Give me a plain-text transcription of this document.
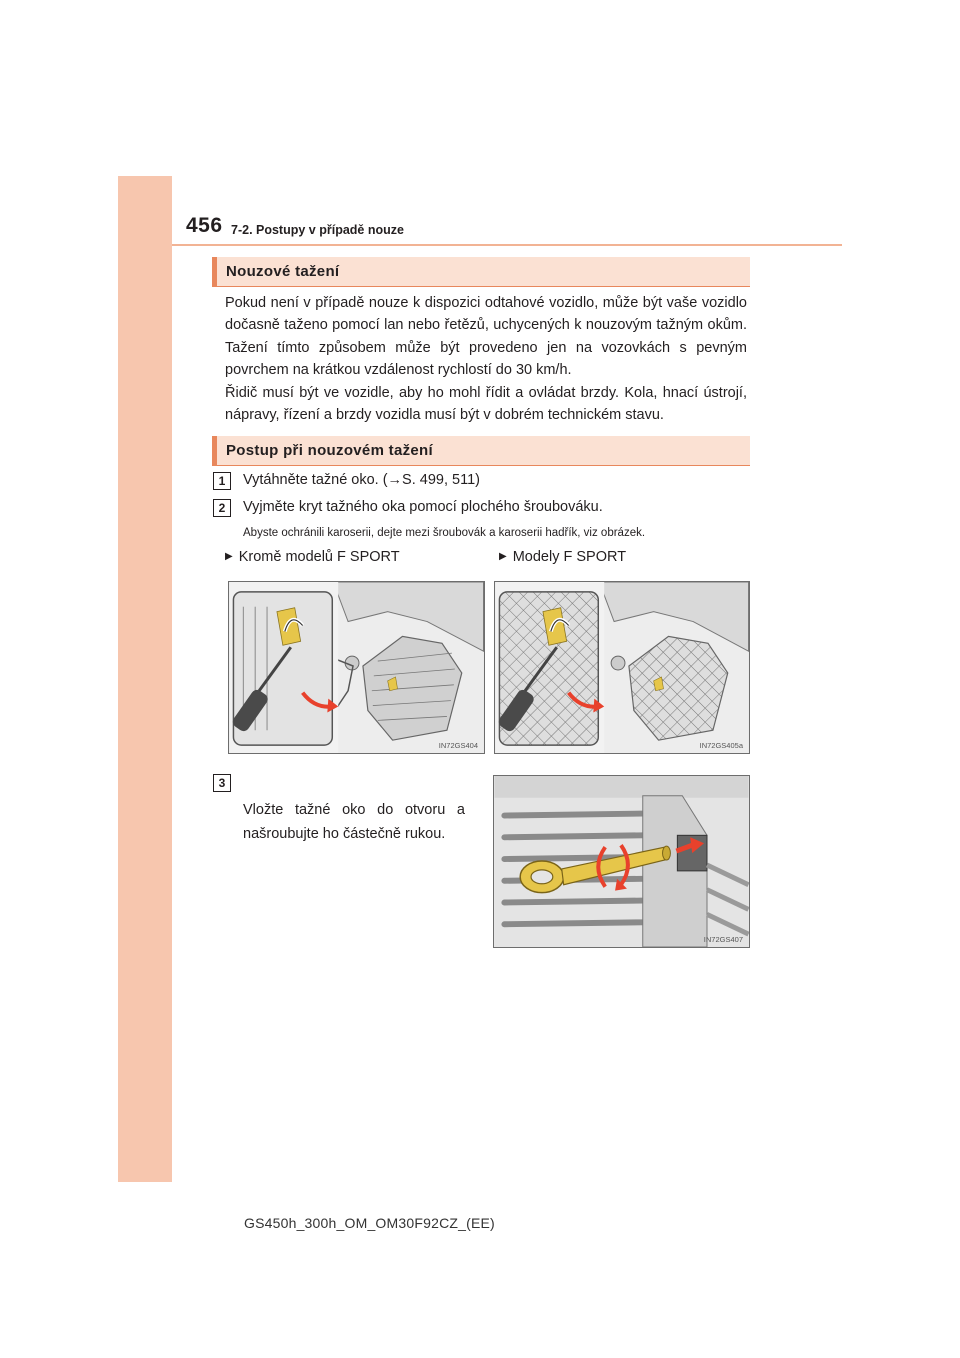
456 7-2. Postupy v případě nouze
Nouzové tažení

Pokud není v případě nouze k dispozici odtahové vozidlo, může být vaše vozidlo dočasně taženo pomocí lan nebo řetězů, uchycených k nouzovým tažným okům. Tažení tímto způsobem může být provedeno jen na vozovkách s pevným povrchem na krátkou vzdálenost rychlostí do 30 km/h.

Řidič musí být ve vozidle, aby ho mohl řídit a ovládat brzdy. Kola, hnací ústrojí, nápravy, řízení a brzdy vozidla musí být v dobrém technickém stavu.

Postup při nouzovém tažení
1	Vytáhněte tažné oko. (→S. 499, 511)
2	Vyjměte kryt tažného oka pomocí plochého šroubováku.
Abyste ochránili karoserii, dejte mezi šroubovák a karoserii hadřík, viz obrázek.
▶ Kromě modelů F SPORT	▶ Modely F SPORT
IN72GS404	IN72GS405a
3
Vložte tažné oko do otvoru a našroubujte ho částečně rukou.
IN72GS407
GS450h_300h_OM_OM30F92CZ_(EE)
